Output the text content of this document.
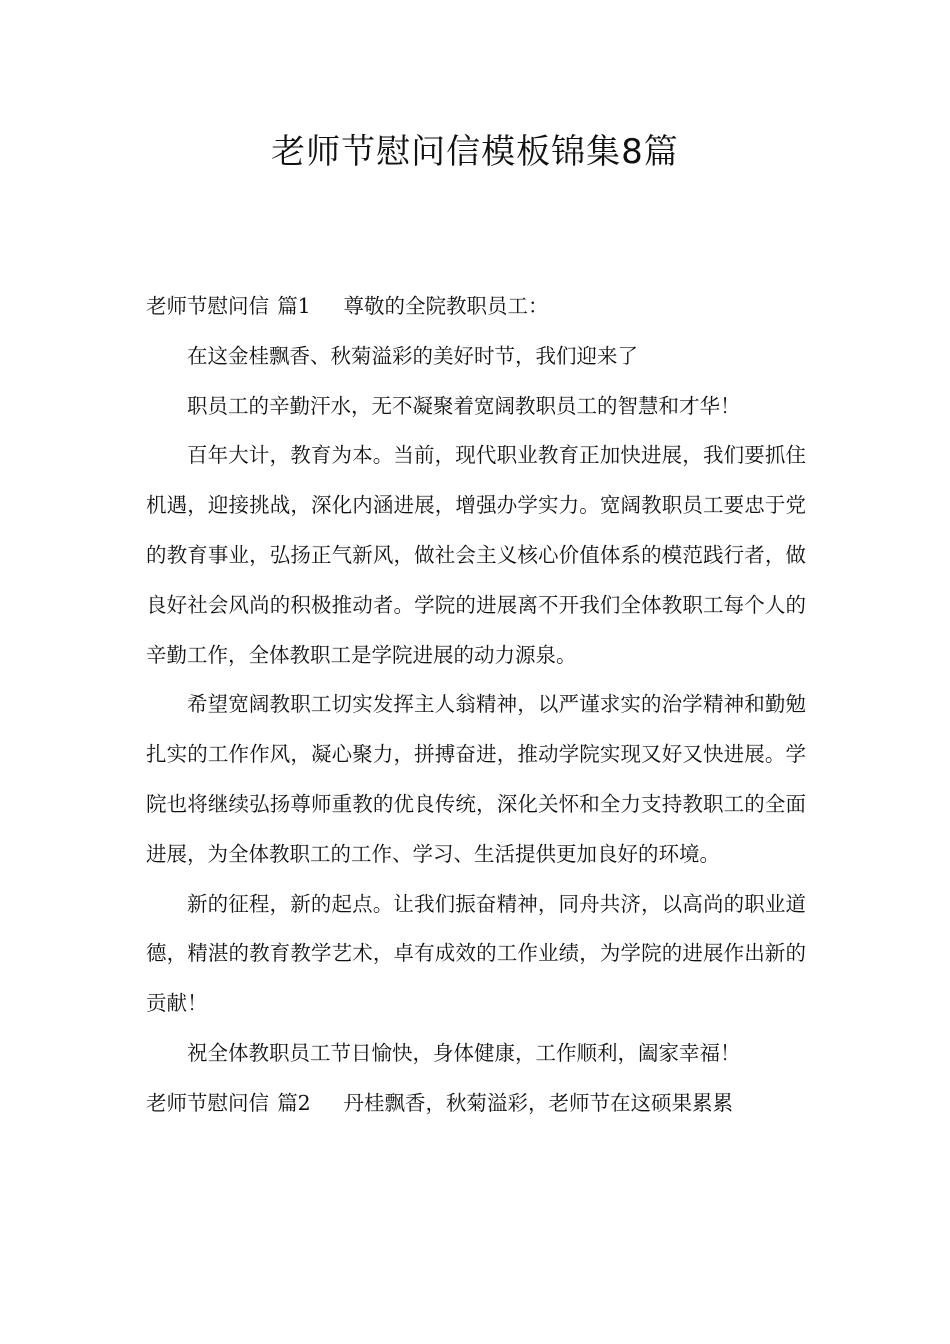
老师节慰问信模板锦集8篇

老师节慰问信 篇1 尊敬的全院教职员工：

在这金桂飘香、秋菊溢彩的美好时节，我们迎来了

职员工的辛勤汗水，无不凝聚着宽阔教职员工的智慧和才华！

百年大计，教育为本。当前，现代职业教育正加快进展，我们要抓住机遇，迎接挑战，深化内涵进展，增强办学实力。宽阔教职员工要忠于党的教育事业，弘扬正气新风，做社会主义核心价值体系的模范践行者，做良好社会风尚的积极推动者。学院的进展离不开我们全体教职工每个人的辛勤工作，全体教职工是学院进展的动力源泉。

希望宽阔教职工切实发挥主人翁精神，以严谨求实的治学精神和勤勉扎实的工作作风，凝心聚力，拼搏奋进，推动学院实现又好又快进展。学院也将继续弘扬尊师重教的优良传统，深化关怀和全力支持教职工的全面进展，为全体教职工的工作、学习、生活提供更加良好的环境。

新的征程，新的起点。让我们振奋精神，同舟共济，以高尚的职业道德，精湛的教育教学艺术，卓有成效的工作业绩，为学院的进展作出新的贡献！

祝全体教职员工节日愉快，身体健康，工作顺利，阖家幸福！

老师节慰问信 篇2 丹桂飘香，秋菊溢彩，老师节在这硕果累累
